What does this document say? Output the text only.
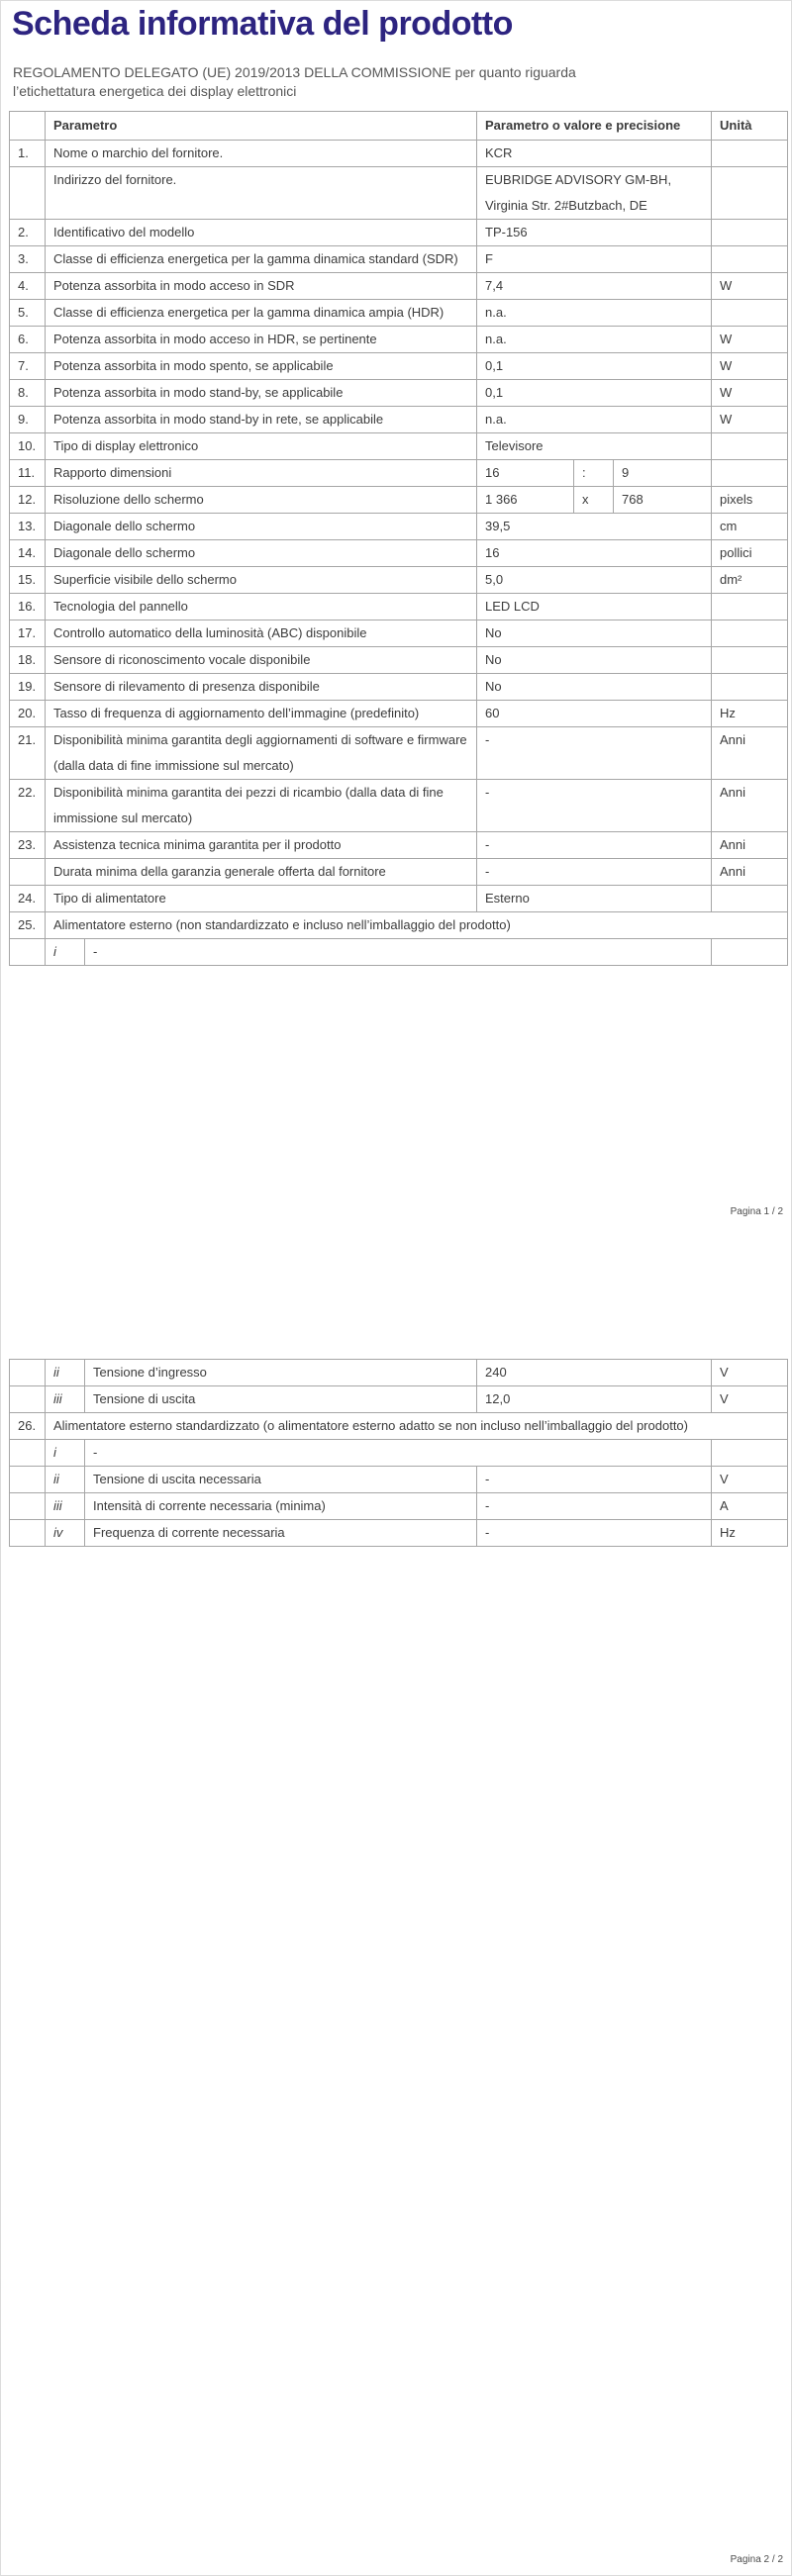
Scheda informativa del prodotto

REGOLAMENTO DELEGATO (UE) 2019/2013 DELLA COMMISSIONE per quanto riguarda l’etichettatura energetica dei display elettronici

	Parametro		Parametro o valore e precisione			Unità
1.	Nome o marchio del fornitore.		KCR			
	Indirizzo del fornitore.		EUBRIDGE ADVISORY GM-BH, Virginia Str. 2#Butzbach, DE			
2.	Identificativo del modello		TP-156			
3.	Classe di efficienza energetica per la gamma dinamica standard (SDR)		F			
4.	Potenza assorbita in modo acceso in SDR		7,4			W
5.	Classe di efficienza energetica per la gamma dinamica ampia (HDR)		n.a.			
6.	Potenza assorbita in modo acceso in HDR, se pertinente		n.a.			W
7.	Potenza assorbita in modo spento, se applicabile		0,1			W
8.	Potenza assorbita in modo stand-by, se applicabile		0,1			W
9.	Potenza assorbita in modo stand-by in rete, se applicabile		n.a.			W
10.	Tipo di display elettronico		Televisore			
11.	Rapporto dimensioni		16	:	9	
12.	Risoluzione dello schermo		1 366	x	768	pixels
13.	Diagonale dello schermo		39,5			cm
14.	Diagonale dello schermo		16			pollici
15.	Superficie visibile dello schermo		5,0			dm²
16.	Tecnologia del pannello		LED LCD			
17.	Controllo automatico della luminosità (ABC) disponibile		No			
18.	Sensore di riconoscimento vocale disponibile		No			
19.	Sensore di rilevamento di presenza disponibile		No			
20.	Tasso di frequenza di aggiornamento dell’immagine (predefinito)		60			Hz
21.	Disponibilità minima garantita degli aggiornamenti di software e firmware (dalla data di fine immissione sul mercato)		-			Anni
22.	Disponibilità minima garantita dei pezzi di ricambio (dalla data di fine immissione sul mercato)		-			Anni
23.	Assistenza tecnica minima garantita per il prodotto		-			Anni
	Durata minima della garanzia generale offerta dal fornitore		-			Anni
24.	Tipo di alimentatore		Esterno			
25.	Alimentatore esterno (non standardizzato e incluso nell’imballaggio del prodotto)					
	i	-				
Pagina 1 / 2
	ii	Tensione d’ingresso	240	V
	iii	Tensione di uscita	12,0	V
26.	Alimentatore esterno standardizzato (o alimentatore esterno adatto se non incluso nell’imballaggio del prodotto)			
	i	-		
	ii	Tensione di uscita necessaria	-	V
	iii	Intensità di corrente necessaria (minima)	-	A
	iv	Frequenza di corrente necessaria	-	Hz
Pagina 2 / 2
